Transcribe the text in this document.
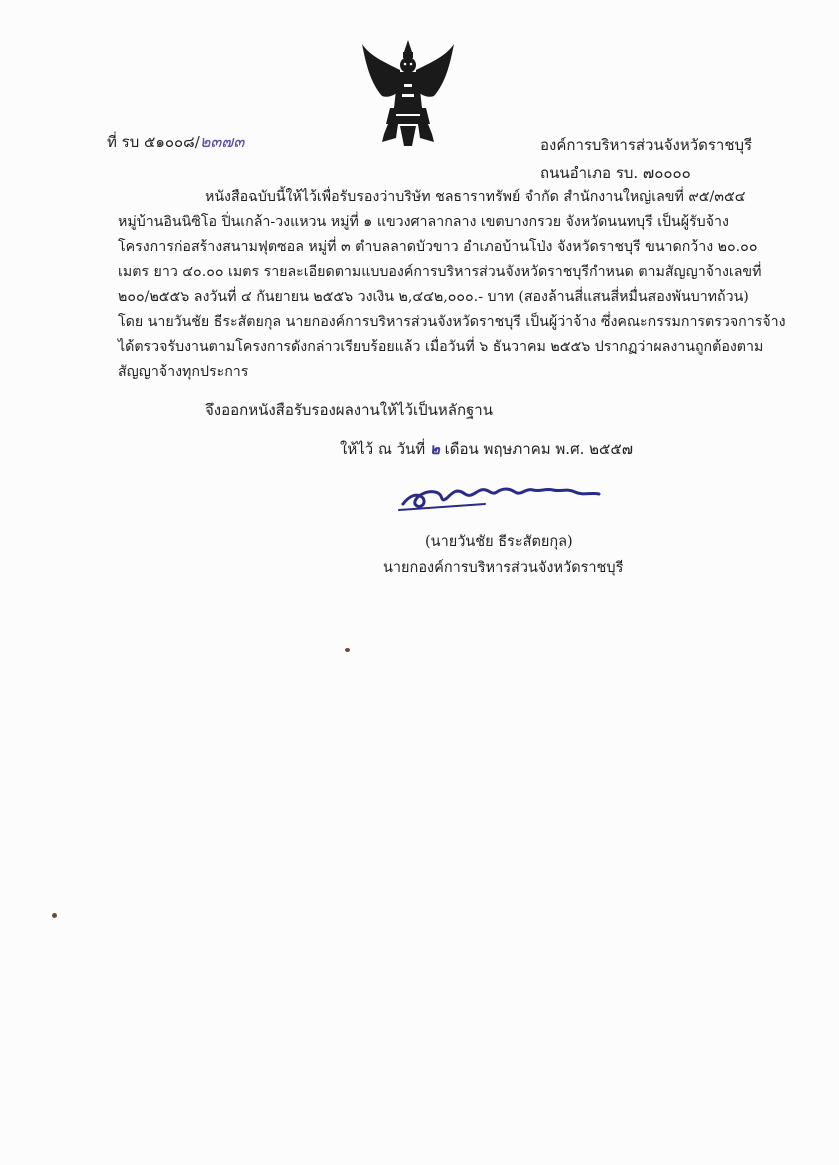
ที่ รบ ๕๑๐๐๘/๒๓๗๓	องค์การบริหารส่วนจังหวัดราชบุรี
ถนนอำเภอ รบ. ๗๐๐๐๐
หนังสือฉบับนี้ให้ไว้เพื่อรับรองว่าบริษัท ชลธาราทรัพย์ จำกัด สำนักงานใหญ่เลขที่ ๙๕/๓๕๔
หมู่บ้านอินนิซิโอ ปิ่นเกล้า-วงแหวน หมู่ที่ ๑ แขวงศาลากลาง เขตบางกรวย จังหวัดนนทบุรี เป็นผู้รับจ้าง
โครงการก่อสร้างสนามฟุตซอล หมู่ที่ ๓ ตำบลลาดบัวขาว อำเภอบ้านโป่ง จังหวัดราชบุรี ขนาดกว้าง ๒๐.๐๐
เมตร ยาว ๔๐.๐๐ เมตร รายละเอียดตามแบบองค์การบริหารส่วนจังหวัดราชบุรีกำหนด ตามสัญญาจ้างเลขที่
๒๐๐/๒๕๕๖ ลงวันที่ ๔ กันยายน ๒๕๕๖ วงเงิน ๒,๔๔๒,๐๐๐.- บาท (สองล้านสี่แสนสี่หมื่นสองพันบาทถ้วน)
โดย นายวันชัย ธีระสัตยกุล นายกองค์การบริหารส่วนจังหวัดราชบุรี เป็นผู้ว่าจ้าง ซึ่งคณะกรรมการตรวจการจ้าง
ได้ตรวจรับงานตามโครงการดังกล่าวเรียบร้อยแล้ว เมื่อวันที่ ๖ ธันวาคม ๒๕๕๖ ปรากฏว่าผลงานถูกต้องตาม
สัญญาจ้างทุกประการ
จึงออกหนังสือรับรองผลงานให้ไว้เป็นหลักฐาน
ให้ไว้ ณ วันที่ ๒ เดือน พฤษภาคม พ.ศ. ๒๕๕๗
(นายวันชัย ธีระสัตยกุล)
นายกองค์การบริหารส่วนจังหวัดราชบุรี
